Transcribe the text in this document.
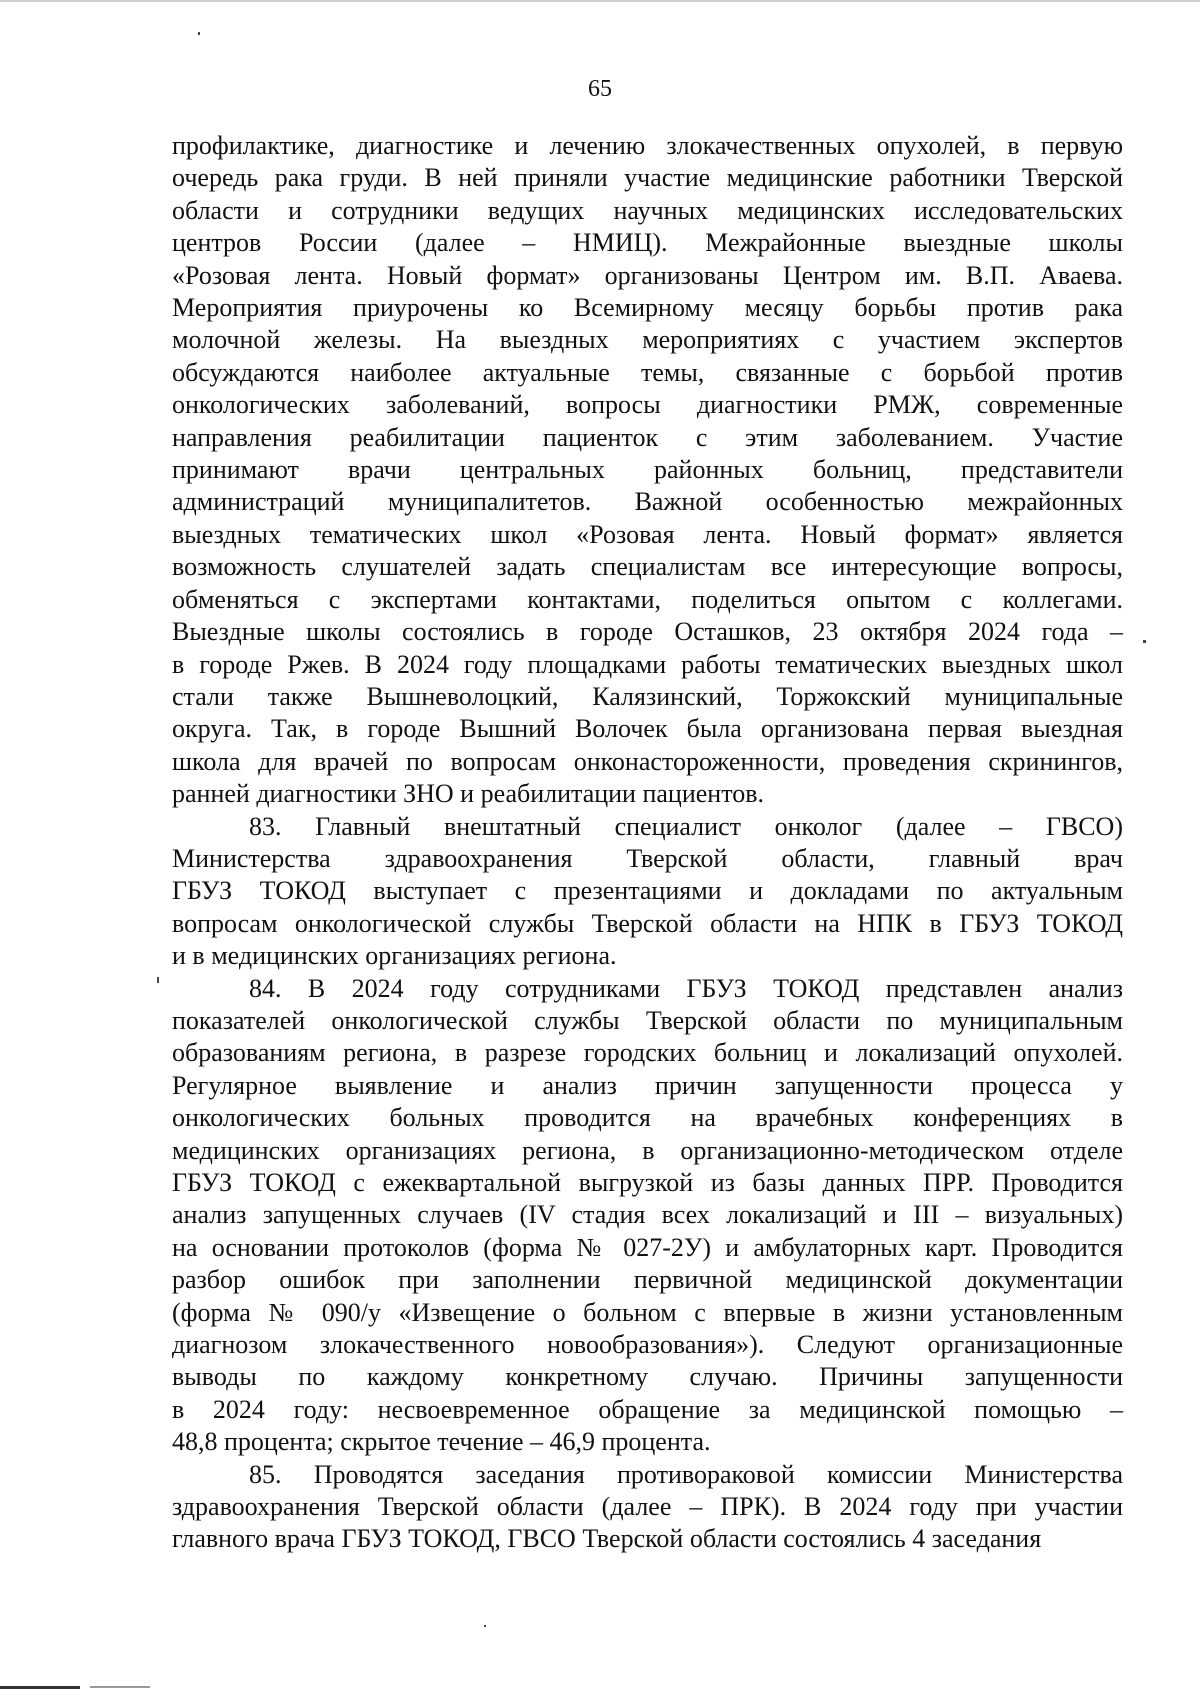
65
профилактике, диагностике и лечению злокачественных опухолей, в первую
очередь рака груди. В ней приняли участие медицинские работники Тверской
области и сотрудники ведущих научных медицинских исследовательских
центров России (далее – НМИЦ). Межрайонные выездные школы
«Розовая лента. Новый формат» организованы Центром им. В.П. Аваева.
Мероприятия приурочены ко Всемирному месяцу борьбы против рака
молочной железы. На выездных мероприятиях с участием экспертов
обсуждаются наиболее актуальные темы, связанные с борьбой против
онкологических заболеваний, вопросы диагностики РМЖ, современные
направления реабилитации пациенток с этим заболеванием. Участие
принимают врачи центральных районных больниц, представители
администраций муниципалитетов. Важной особенностью межрайонных
выездных тематических школ «Розовая лента. Новый формат» является
возможность слушателей задать специалистам все интересующие вопросы,
обменяться с экспертами контактами, поделиться опытом с коллегами.
Выездные школы состоялись в городе Осташков, 23 октября 2024 года –
в городе Ржев. В 2024 году площадками работы тематических выездных школ
стали также Вышневолоцкий, Калязинский, Торжокский муниципальные
округа. Так, в городе Вышний Волочек была организована первая выездная
школа для врачей по вопросам онконастороженности, проведения скринингов,
ранней диагностики ЗНО и реабилитации пациентов.
83. Главный внештатный специалист онколог (далее – ГВСО)
Министерства здравоохранения Тверской области, главный врач
ГБУЗ ТОКОД выступает с презентациями и докладами по актуальным
вопросам онкологической службы Тверской области на НПК в ГБУЗ ТОКОД
и в медицинских организациях региона.
84. В 2024 году сотрудниками ГБУЗ ТОКОД представлен анализ
показателей онкологической службы Тверской области по муниципальным
образованиям региона, в разрезе городских больниц и локализаций опухолей.
Регулярное выявление и анализ причин запущенности процесса у
онкологических больных проводится на врачебных конференциях в
медицинских организациях региона, в организационно-методическом отделе
ГБУЗ ТОКОД с ежеквартальной выгрузкой из базы данных ПРР. Проводится
анализ запущенных случаев (IV стадия всех локализаций и III – визуальных)
на основании протоколов (форма № 027-2У) и амбулаторных карт. Проводится
разбор ошибок при заполнении первичной медицинской документации
(форма № 090/у «Извещение о больном с впервые в жизни установленным
диагнозом злокачественного новообразования»). Следуют организационные
выводы по каждому конкретному случаю. Причины запущенности
в 2024 году: несвоевременное обращение за медицинской помощью –
48,8 процента; скрытое течение – 46,9 процента.
85. Проводятся заседания противораковой комиссии Министерства
здравоохранения Тверской области (далее – ПРК). В 2024 году при участии
главного врача ГБУЗ ТОКОД, ГВСО Тверской области состоялись 4 заседания
